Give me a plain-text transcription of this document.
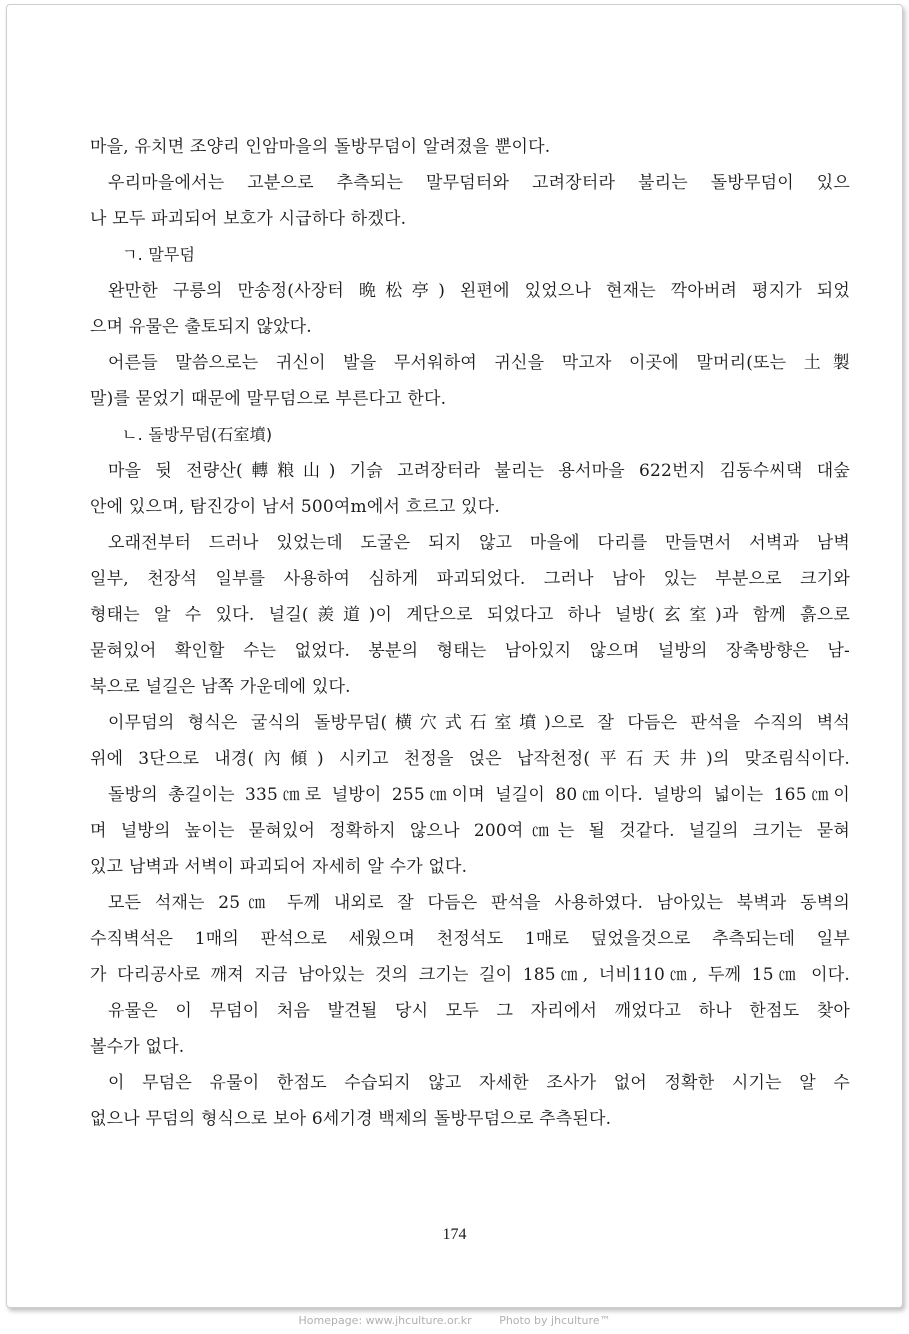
마을, 유치면 조양리 인암마을의 돌방무덤이 알려졌을 뿐이다.
우리마을에서는 고분으로 추측되는 말무덤터와 고려장터라 불리는 돌방무덤이 있으
나 모두 파괴되어 보호가 시급하다 하겠다.
ㄱ. 말무덤
완만한 구릉의 만송정(사장터 晩松亭) 왼편에 있었으나 현재는 깍아버려 평지가 되었
으며 유물은 출토되지 않았다.
어른들 말씀으로는 귀신이 발을 무서워하여 귀신을 막고자 이곳에 말머리(또는 土製
말)를 묻었기 때문에 말무덤으로 부른다고 한다.
ㄴ. 돌방무덤(石室墳)
마을 뒷 전량산(轉粮山) 기슭 고려장터라 불리는 용서마을 622번지 김동수씨댁 대숲
안에 있으며, 탐진강이 남서 500여m에서 흐르고 있다.
오래전부터 드러나 있었는데 도굴은 되지 않고 마을에 다리를 만들면서 서벽과 남벽
일부, 천장석 일부를 사용하여 심하게 파괴되었다. 그러나 남아 있는 부분으로 크기와
형태는 알 수 있다. 널길(羨道)이 계단으로 되었다고 하나 널방(玄室)과 함께 흙으로
묻혀있어 확인할 수는 없었다. 봉분의 형태는 남아있지 않으며 널방의 장축방향은 남-
북으로 널길은 남쪽 가운데에 있다.
이무덤의 형식은 굴식의 돌방무덤(横穴式石室墳)으로 잘 다듬은 판석을 수직의 벽석
위에 3단으로 내경(內傾) 시키고 천정을 얹은 납작천정(平石天井)의 맞조림식이다.
돌방의 총길이는 335㎝로 널방이 255㎝이며 널길이 80㎝이다. 널방의 넓이는 165㎝이
며 널방의 높이는 묻혀있어 정확하지 않으나 200여㎝는 될 것같다. 널길의 크기는 묻혀
있고 남벽과 서벽이 파괴되어 자세히 알 수가 없다.
모든 석재는 25㎝ 두께 내외로 잘 다듬은 판석을 사용하였다. 남아있는 북벽과 동벽의
수직벽석은 1매의 판석으로 세웠으며 천정석도 1매로 덮었을것으로 추측되는데 일부
가 다리공사로 깨져 지금 남아있는 것의 크기는 길이 185㎝, 너비110㎝, 두께 15㎝ 이다.
유물은 이 무덤이 처음 발견될 당시 모두 그 자리에서 깨었다고 하나 한점도 찾아
볼수가 없다.
이 무덤은 유물이 한점도 수습되지 않고 자세한 조사가 없어 정확한 시기는 알 수
없으나 무덤의 형식으로 보아 6세기경 백제의 돌방무덤으로 추측된다.
174
Homepage: www.jhculture.or.kr	Photo by jhculture™
